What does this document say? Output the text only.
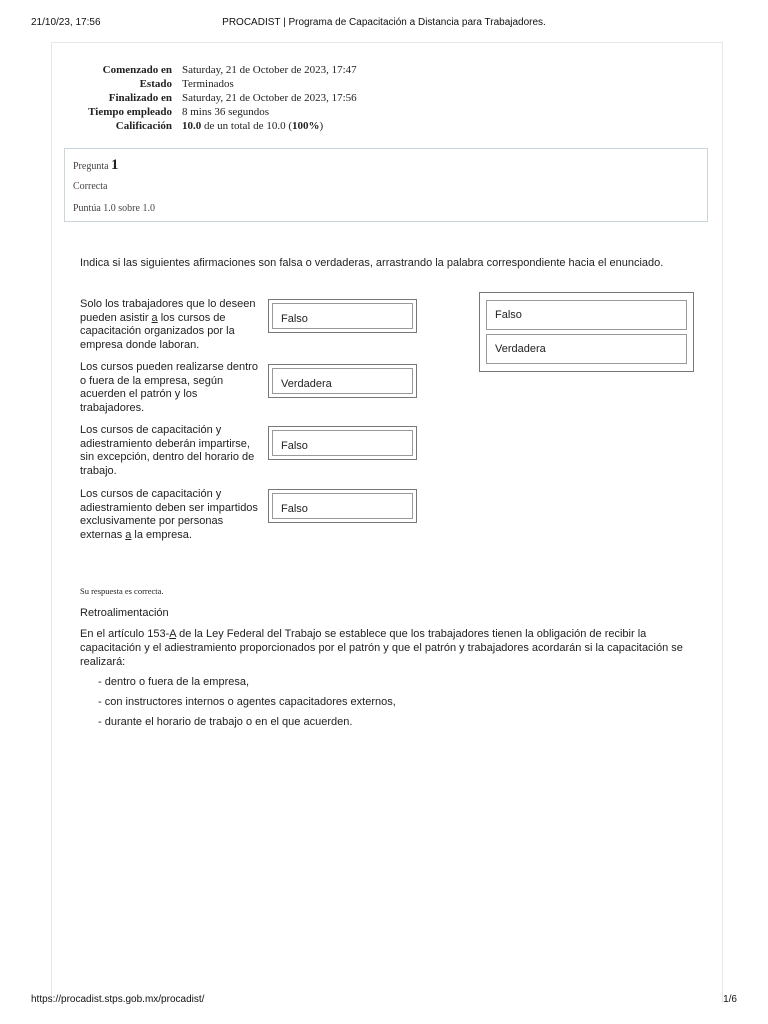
21/10/23, 17:56	PROCADIST | Programa de Capacitación a Distancia para Trabajadores.
Comenzado en	Saturday, 21 de October de 2023, 17:47
Estado	Terminados
Finalizado en	Saturday, 21 de October de 2023, 17:56
Tiempo empleado	8 mins 36 segundos
Calificación	10.0 de un total de 10.0 (100%)
Pregunta 1
Correcta
Puntúa 1.0 sobre 1.0
Indica si las siguientes afirmaciones son falsa o verdaderas, arrastrando la palabra correspondiente hacia el enunciado.
Solo los trabajadores que lo deseen pueden asistir a los cursos de capacitación organizados por la empresa donde laboran.
Falso
Los cursos pueden realizarse dentro o fuera de la empresa, según acuerden el patrón y los trabajadores.
Verdadera
Los cursos de capacitación y adiestramiento deberán impartirse, sin excepción, dentro del horario de trabajo.
Falso
Los cursos de capacitación y adiestramiento deben ser impartidos exclusivamente por personas externas a la empresa.
Falso
Falso
Verdadera
Su respuesta es correcta.
Retroalimentación
En el artículo 153-A de la Ley Federal del Trabajo se establece que los trabajadores tienen la obligación de recibir la capacitación y el adiestramiento proporcionados por el patrón y que el patrón y trabajadores acordarán si la capacitación se realizará:
- dentro o fuera de la empresa,
- con instructores internos o agentes capacitadores externos,
- durante el horario de trabajo o en el que acuerden.
https://procadist.stps.gob.mx/procadist/	1/6
